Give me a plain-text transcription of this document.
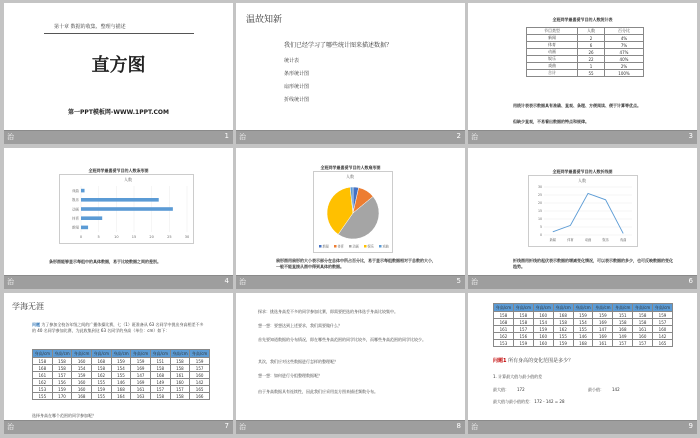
第十章 数据的收集、整理与描述
直方图
第一PPT模板网-WWW.1PPT.COM
治	1
温故知新
我们已经学习了哪些统计图来描述数据？
统计表
条形统计图
扇形统计图
折线统计图
治	2
全班同学最喜爱节目的人数统计表
节目类型	人数	百分比
新闻	2	4%
体育	6	7%
动画	26	47%
娱乐	22	40%
戏曲	1	2%
合计	55	100%
用统计表表示数据具有准确、直观、条理、方便阅读、便于计算等优点。
但缺少直观，不易看出数据的特点和规律。
治	3
全班同学最喜爱节目的人数条形图
人数
0	5	10	15	20	25	30
戏曲
娱乐
动画
体育
新闻
条形图能够显示每组中的具体数据，易于比较数据之间的差别。
治	4
全班同学最喜爱节目的人数扇形图
人数
新闻	体育	动画	娱乐	戏曲
扇形图用扇形的大小表示部分在总体中所占百分比，易于显示每组数据相对于总数的大小，一般不能直接从图中得到具体的数据。
治	5
全班同学最喜爱节目的人数折线图
人数
0
5
10
15
20
25
30
新闻	体育	动画	娱乐	戏曲
折线图用折线的起伏表示数据的增减变化情况，可以表示数据的多少，也可反映数据的变化趋势。
治	6
学海无涯
问题 为了参加全校各年级之间的广播体操比赛，七（1）班准备从 63 名同学中挑出身高相差不多的 40 名同学参加比赛，为此收集到这 63 名同学的身高（单位：cm）如下：
身高/cm	身高/cm	身高/cm	身高/cm	身高/cm	身高/cm	身高/cm	身高/cm	身高/cm
158	158	160	168	159	159	151	158	159
168	158	154	158	154	169	158	158	157
161	157	159	162	155	147	168	161	160
162	156	160	155	146	169	149	160	142
153	159	160	159	168	161	157	157	165
155	170	168	155	164	163	158	158	166
选择身高在哪个范围的同学参加呢？
治	7
探求：挑选身高差不多的同学参加比赛，即需要把选的身体选手身高比较集中。
想一想：要想达到上述要求，我们需要做什么？
首先要知道数据的分布情况，即在哪些身高范围的同学比较多，而哪些身高范围的同学比较少。
其次，我们应对这些数据进行怎样的整理呢？
想一想：如何进行分组整理数据呢？
由于身高数据具有连续性，因此我们应采用直方图来描述频数分布。
治	8
身高/cm	身高/cm	身高/cm	身高/cm	身高/cm	身高/cm	身高/cm	身高/cm	身高/cm
158	158	160	168	159	159	151	158	159
168	158	154	158	154	169	158	158	157
161	157	159	162	155	147	168	161	160
162	156	160	155	146	169	149	160	142
153	159	160	159	168	161	157	157	165
问题1 所有身高的变化范围是多少？
1. 计算最大值与最小值的差
最大值： 172	最小值： 142
最大值与最小值的差： 172 - 142 = 28
治	9
